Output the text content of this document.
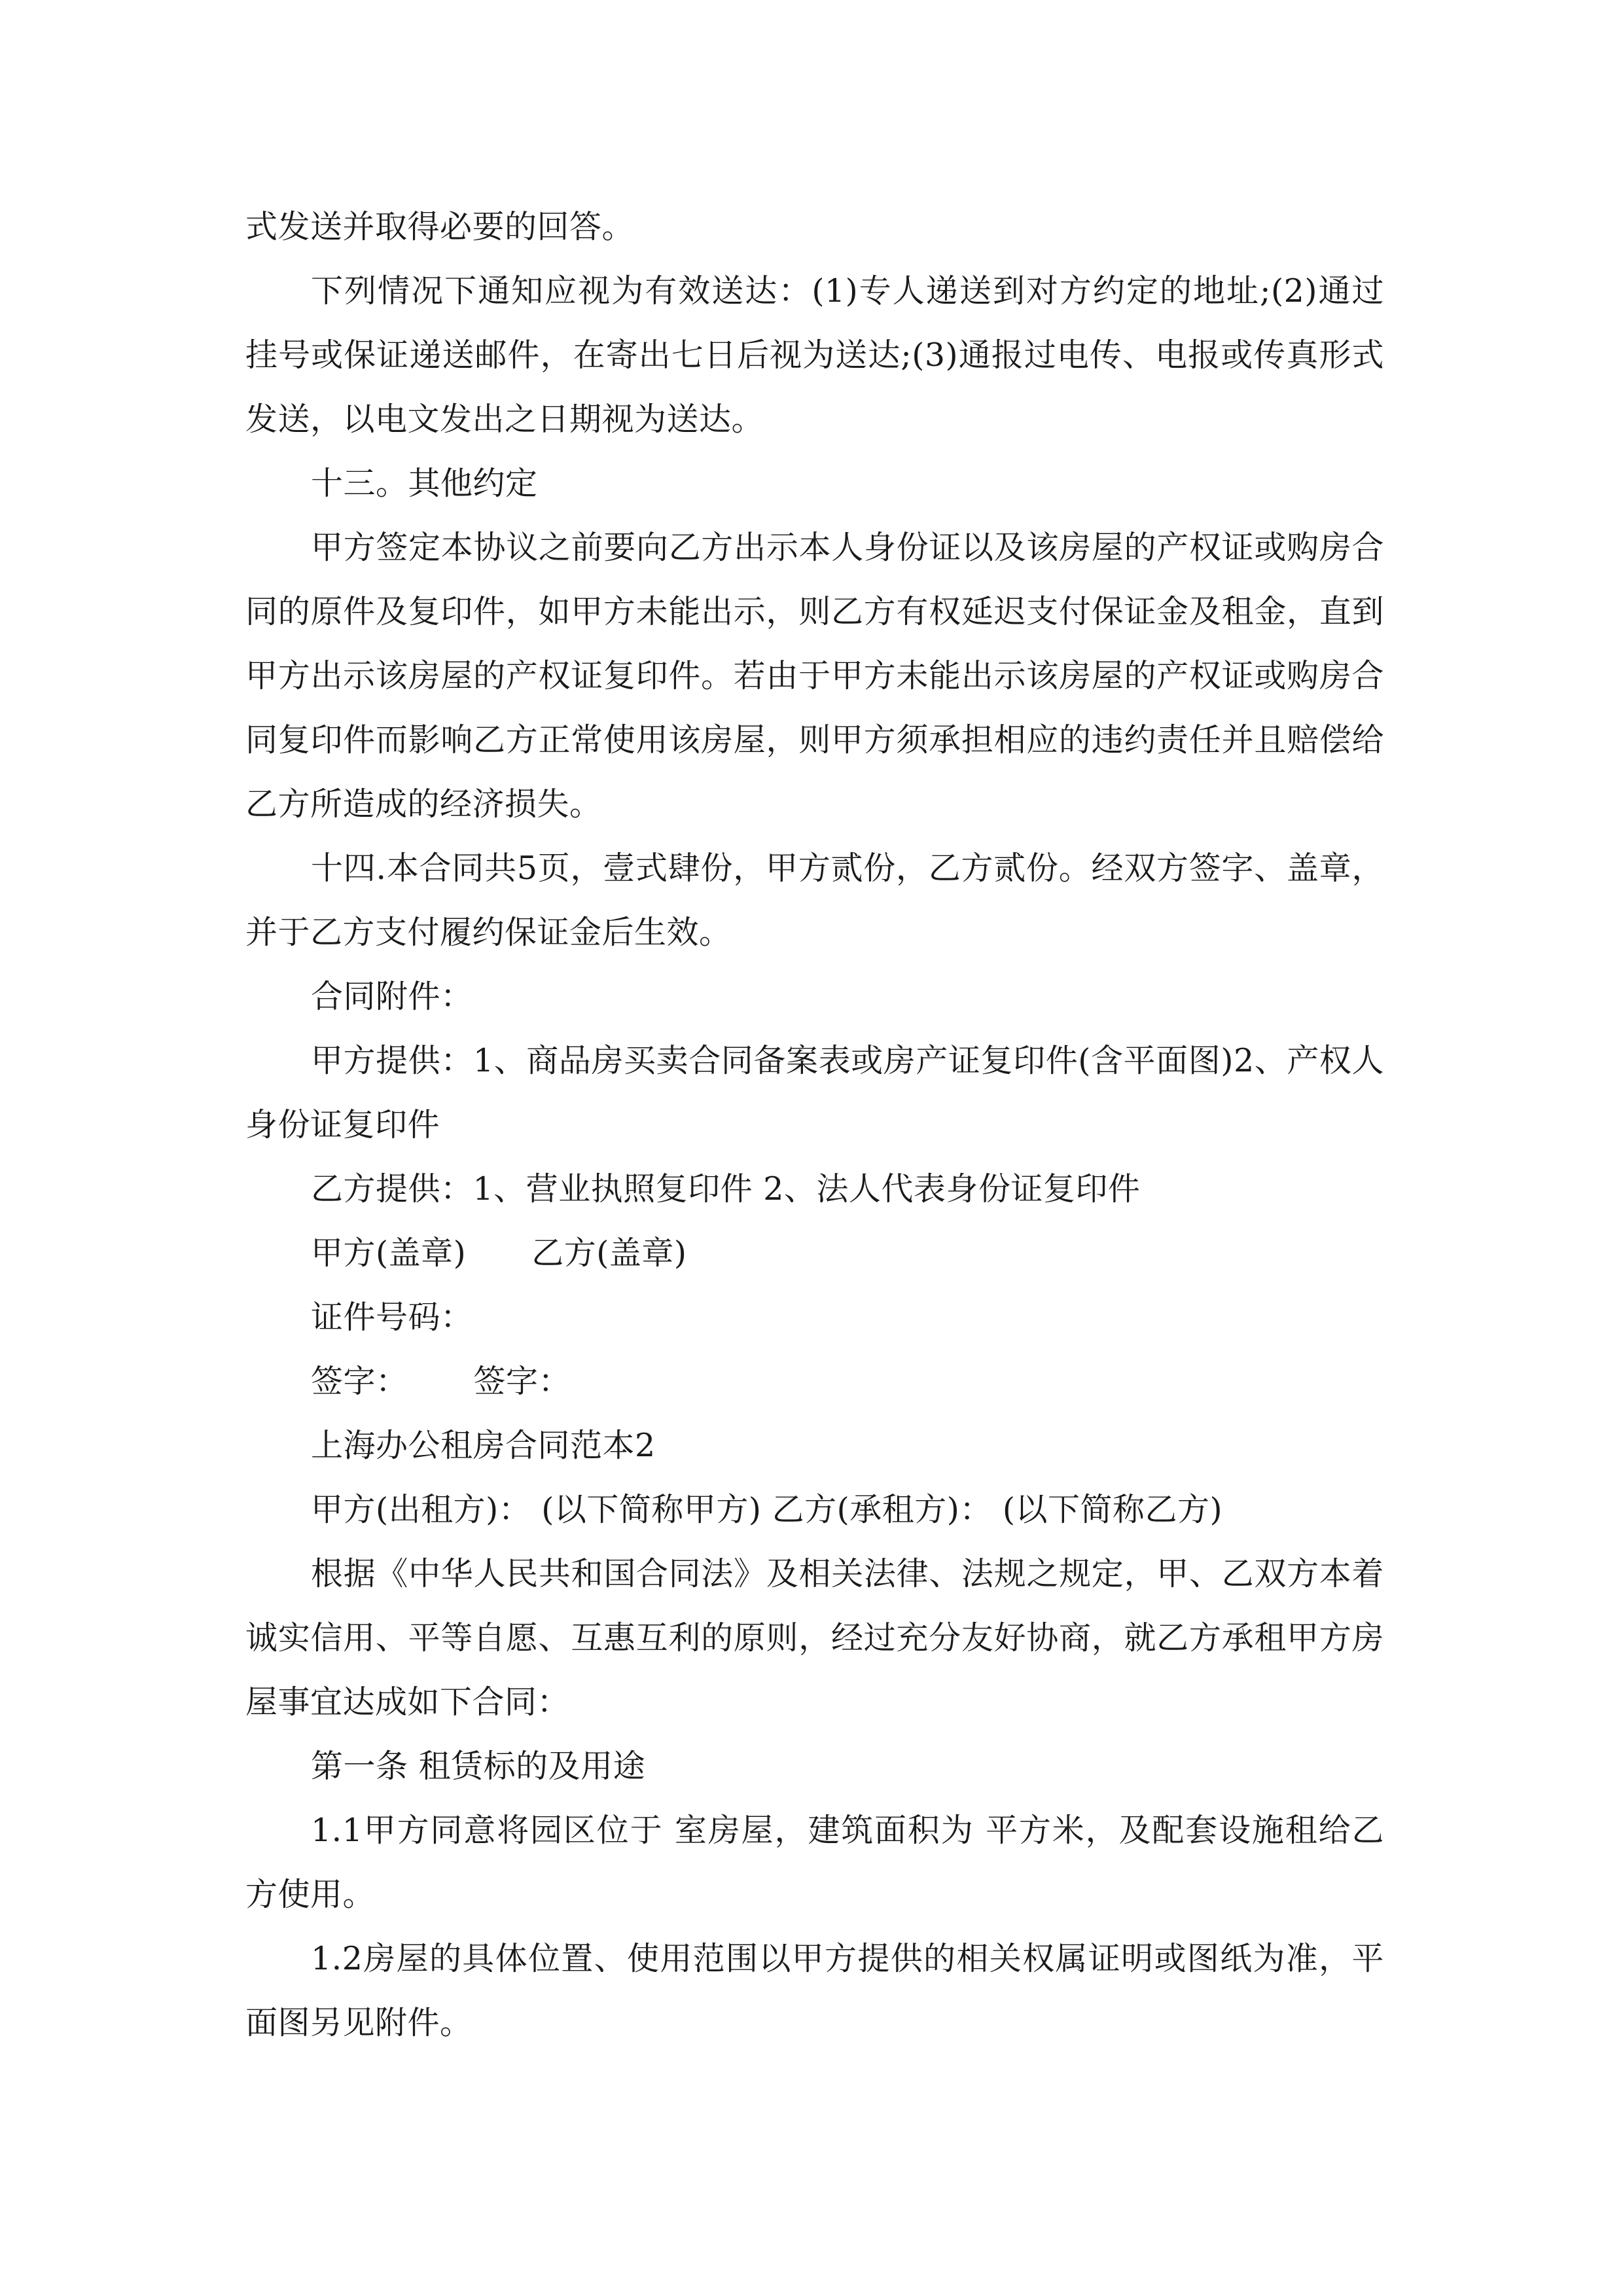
式发送并取得必要的回答。

下列情况下通知应视为有效送达：(1)专人递送到对方约定的地址;(2)通过挂号或保证递送邮件，在寄出七日后视为送达;(3)通报过电传、电报或传真形式发送，以电文发出之日期视为送达。

十三。其他约定

甲方签定本协议之前要向乙方出示本人身份证以及该房屋的产权证或购房合同的原件及复印件，如甲方未能出示，则乙方有权延迟支付保证金及租金，直到甲方出示该房屋的产权证复印件。若由于甲方未能出示该房屋的产权证或购房合同复印件而影响乙方正常使用该房屋，则甲方须承担相应的违约责任并且赔偿给乙方所造成的经济损失。

十四.本合同共5页，壹式肆份，甲方贰份，乙方贰份。经双方签字、盖章，并于乙方支付履约保证金后生效。

合同附件：

甲方提供：1、商品房买卖合同备案表或房产证复印件(含平面图)2、产权人身份证复印件

乙方提供：1、营业执照复印件 2、法人代表身份证复印件

甲方(盖章) 乙方(盖章)

证件号码：

签字： 签字：

上海办公租房合同范本2

甲方(出租方)： (以下简称甲方) 乙方(承租方)： (以下简称乙方)

根据《中华人民共和国合同法》及相关法律、法规之规定，甲、乙双方本着诚实信用、平等自愿、互惠互利的原则，经过充分友好协商，就乙方承租甲方房屋事宜达成如下合同：

第一条 租赁标的及用途

1.1甲方同意将园区位于 室房屋，建筑面积为 平方米，及配套设施租给乙方使用。

1.2房屋的具体位置、使用范围以甲方提供的相关权属证明或图纸为准，平面图另见附件。
